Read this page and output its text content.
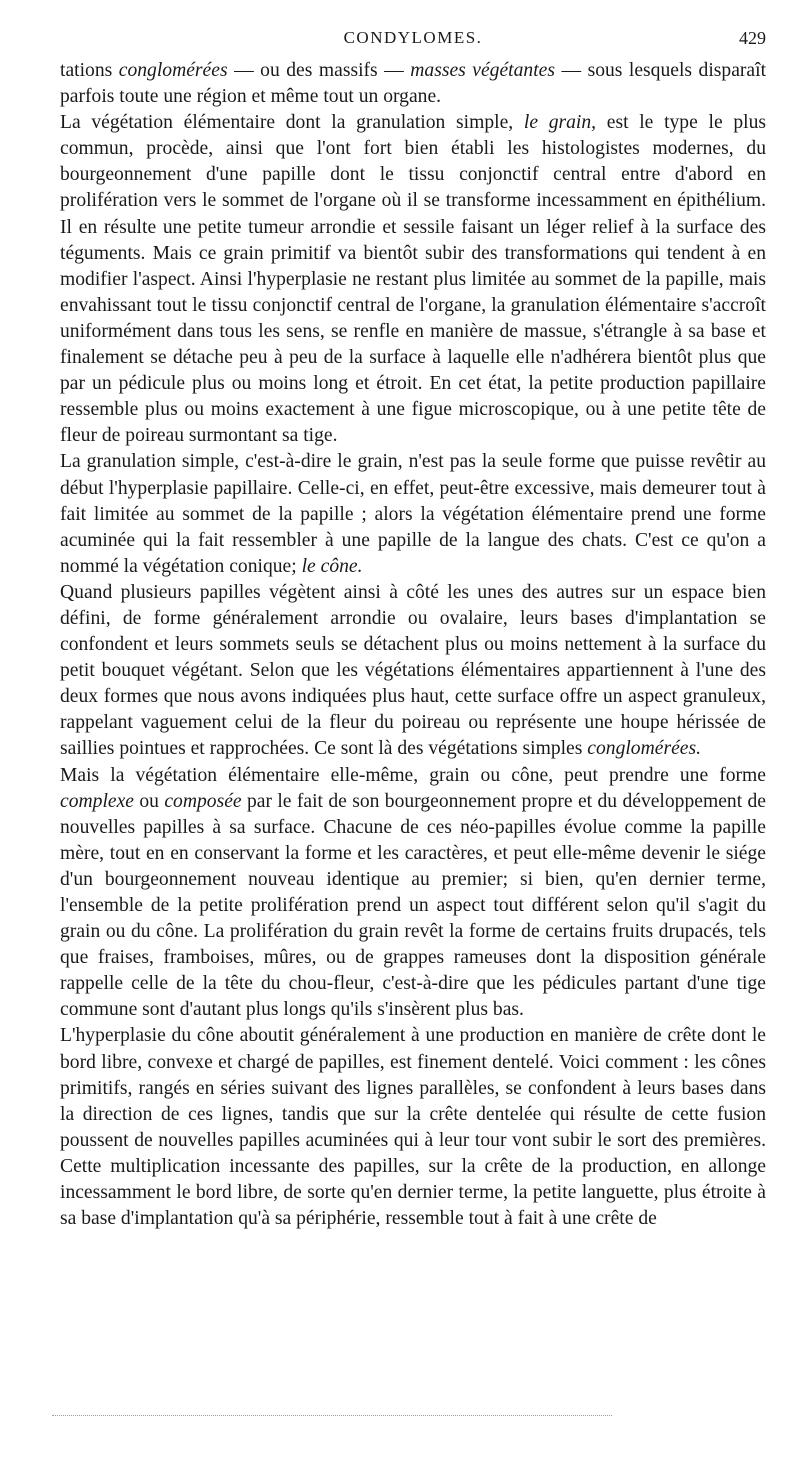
CONDYLOMES.	429

tations conglomérées — ou des massifs — masses végétantes — sous lesquels disparaît parfois toute une région et même tout un organe.

La végétation élémentaire dont la granulation simple, le grain, est le type le plus commun, procède, ainsi que l'ont fort bien établi les histologistes modernes, du bourgeonnement d'une papille dont le tissu conjonctif central entre d'abord en prolifération vers le sommet de l'organe où il se transforme incessamment en épithélium. Il en résulte une petite tumeur arrondie et sessile faisant un léger relief à la surface des téguments. Mais ce grain primitif va bientôt subir des transformations qui tendent à en modifier l'aspect. Ainsi l'hyperplasie ne restant plus limitée au sommet de la papille, mais envahissant tout le tissu conjonctif central de l'organe, la granulation élémentaire s'accroît uniformément dans tous les sens, se renfle en manière de massue, s'étrangle à sa base et finalement se détache peu à peu de la surface à laquelle elle n'adhérera bientôt plus que par un pédicule plus ou moins long et étroit. En cet état, la petite production papillaire ressemble plus ou moins exactement à une figue microscopique, ou à une petite tête de fleur de poireau surmontant sa tige.

La granulation simple, c'est-à-dire le grain, n'est pas la seule forme que puisse revêtir au début l'hyperplasie papillaire. Celle-ci, en effet, peut-être excessive, mais demeurer tout à fait limitée au sommet de la papille ; alors la végétation élémentaire prend une forme acuminée qui la fait ressembler à une papille de la langue des chats. C'est ce qu'on a nommé la végétation conique; le cône.

Quand plusieurs papilles végètent ainsi à côté les unes des autres sur un espace bien défini, de forme généralement arrondie ou ovalaire, leurs bases d'implantation se confondent et leurs sommets seuls se détachent plus ou moins nettement à la surface du petit bouquet végétant. Selon que les végétations élémentaires appartiennent à l'une des deux formes que nous avons indiquées plus haut, cette surface offre un aspect granuleux, rappelant vaguement celui de la fleur du poireau ou représente une houpe hérissée de saillies pointues et rapprochées. Ce sont là des végétations simples conglomérées.

Mais la végétation élémentaire elle-même, grain ou cône, peut prendre une forme complexe ou composée par le fait de son bourgeonnement propre et du développement de nouvelles papilles à sa surface. Chacune de ces néo-papilles évolue comme la papille mère, tout en en conservant la forme et les caractères, et peut elle-même devenir le siége d'un bourgeonnement nouveau identique au premier; si bien, qu'en dernier terme, l'ensemble de la petite prolifération prend un aspect tout différent selon qu'il s'agit du grain ou du cône. La prolifération du grain revêt la forme de certains fruits drupacés, tels que fraises, framboises, mûres, ou de grappes rameuses dont la disposition générale rappelle celle de la tête du chou-fleur, c'est-à-dire que les pédicules partant d'une tige commune sont d'autant plus longs qu'ils s'insèrent plus bas.

L'hyperplasie du cône aboutit généralement à une production en manière de crête dont le bord libre, convexe et chargé de papilles, est finement dentelé. Voici comment : les cônes primitifs, rangés en séries suivant des lignes parallèles, se confondent à leurs bases dans la direction de ces lignes, tandis que sur la crête dentelée qui résulte de cette fusion poussent de nouvelles papilles acuminées qui à leur tour vont subir le sort des premières. Cette multiplication incessante des papilles, sur la crête de la production, en allonge incessamment le bord libre, de sorte qu'en dernier terme, la petite languette, plus étroite à sa base d'implantation qu'à sa périphérie, ressemble tout à fait à une crête de
